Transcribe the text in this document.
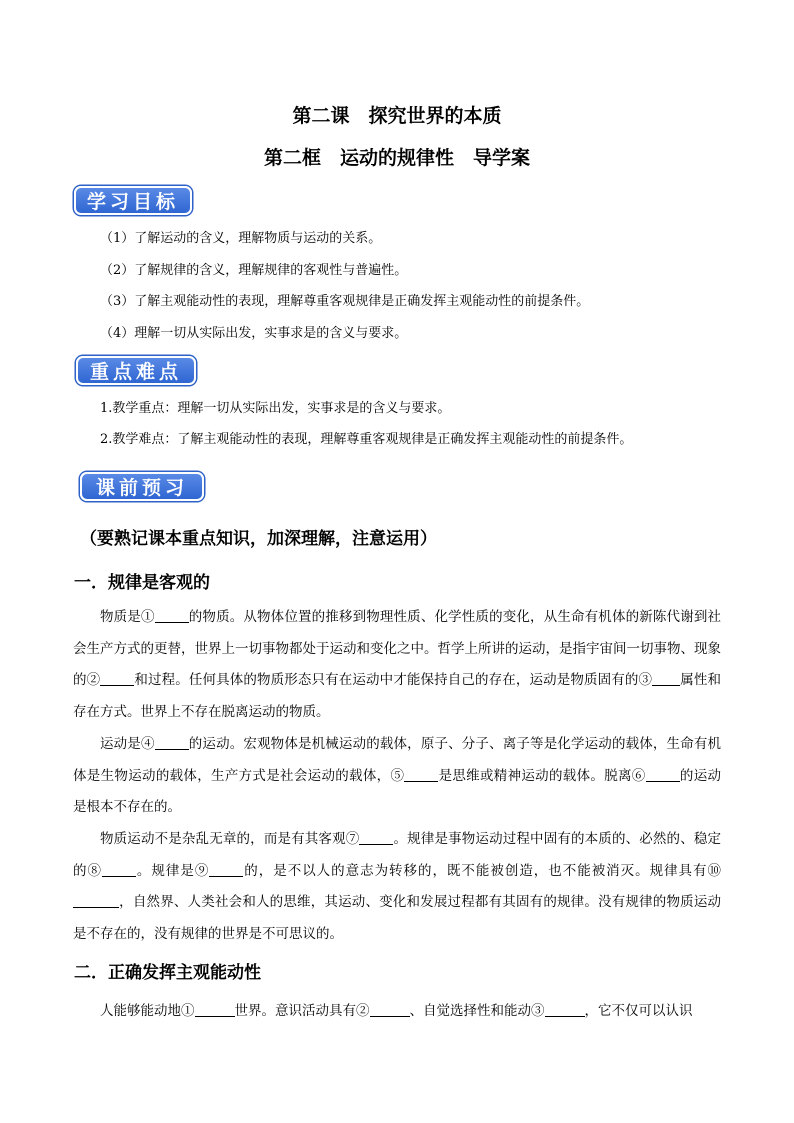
第二课　探究世界的本质
第二框　运动的规律性　导学案
学习目标
（1）了解运动的含义，理解物质与运动的关系。
（2）了解规律的含义，理解规律的客观性与普遍性。
（3）了解主观能动性的表现，理解尊重客观规律是正确发挥主观能动性的前提条件。
（4）理解一切从实际出发，实事求是的含义与要求。
重点难点
1.教学重点：理解一切从实际出发，实事求是的含义与要求。
2.教学难点：了解主观能动性的表现，理解尊重客观规律是正确发挥主观能动性的前提条件。
课前预习
（要熟记课本重点知识，加深理解，注意运用）
一．规律是客观的
物质是①	的物质。从物体位置的推移到物理性质、化学性质的变化，从生命有机体的新陈代谢到社会生产方式的更替，世界上一切事物都处于运动和变化之中。哲学上所讲的运动，是指宇宙间一切事物、现象的②	和过程。任何具体的物质形态只有在运动中才能保持自己的存在，运动是物质固有的③ 属性和存在方式。世界上不存在脱离运动的物质。
运动是④	的运动。宏观物体是机械运动的载体，原子、分子、离子等是化学运动的载体，生命有机体是生物运动的载体，生产方式是社会运动的载体，⑤	是思维或精神运动的载体。脱离⑥	的运动是根本不存在的。
物质运动不是杂乱无章的，而是有其客观⑦	。规律是事物运动过程中固有的本质的、必然的、稳定的⑧	。规律是⑨	的，是不以人的意志为转移的，既不能被创造，也不能被消灭。规律具有⑩，自然界、人类社会和人的思维，其运动、变化和发展过程都有其固有的规律。没有规律的物质运动是不存在的，没有规律的世界是不可思议的。
二．正确发挥主观能动性
人能够能动地①	世界。意识活动具有②	、自觉选择性和能动③	，它不仅可以认识
